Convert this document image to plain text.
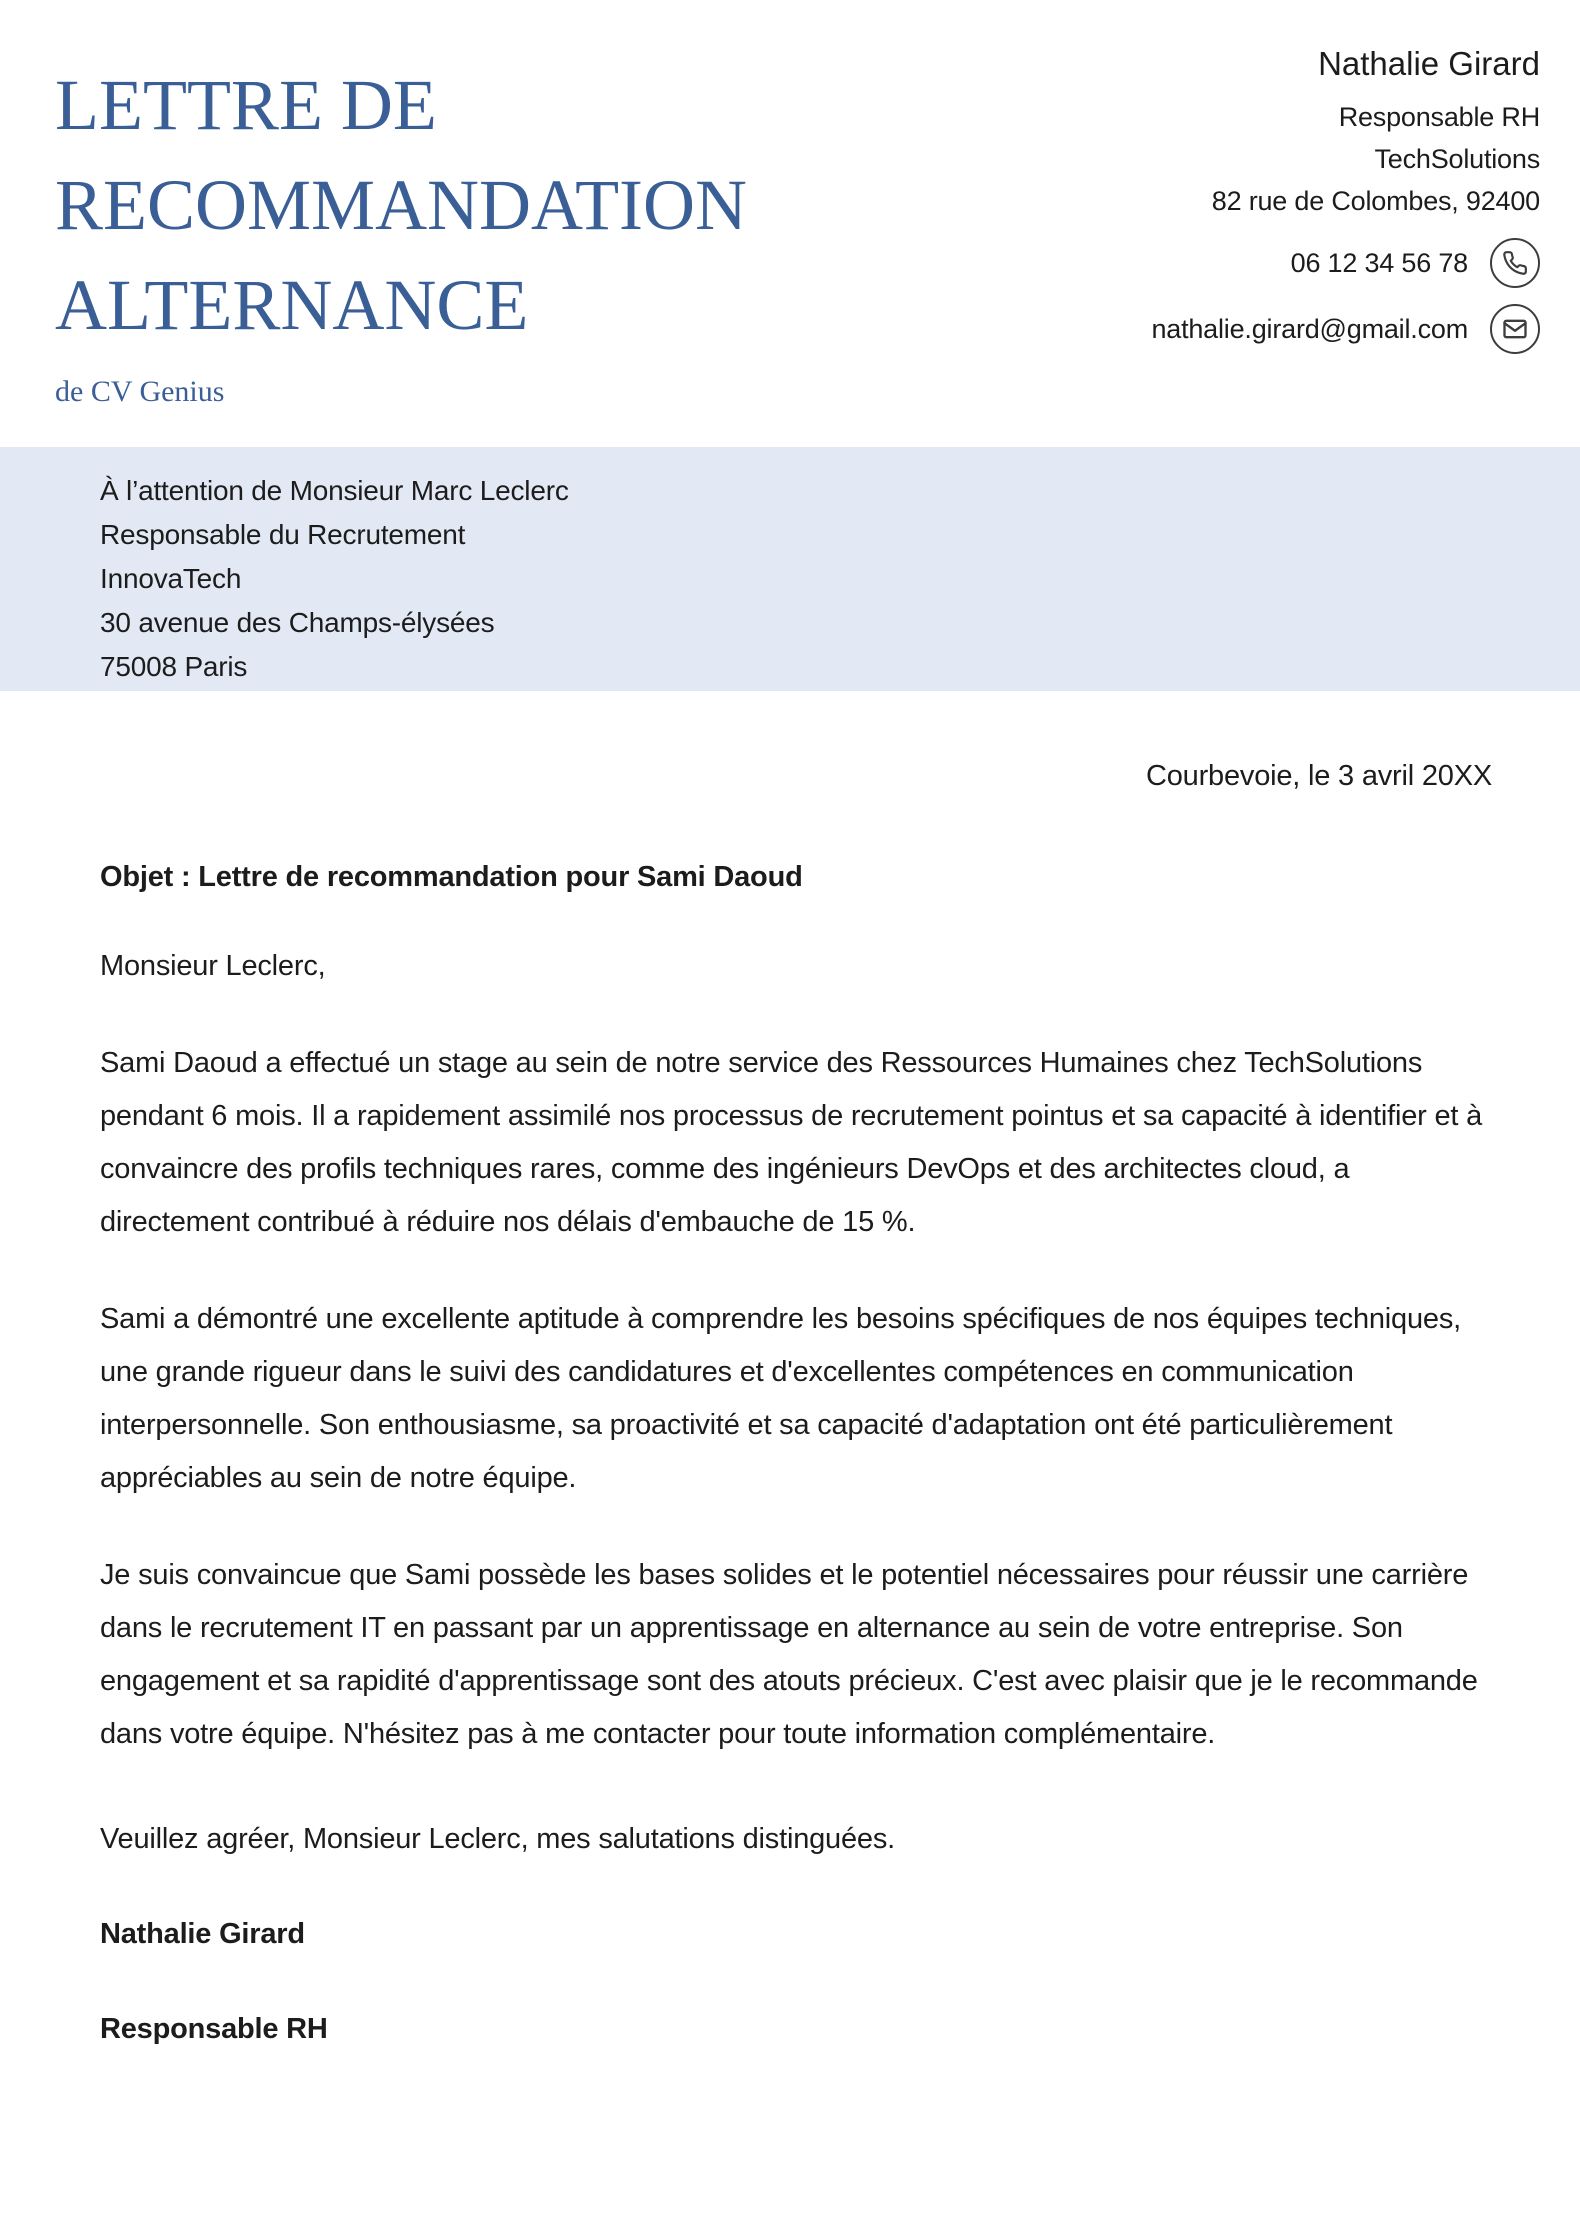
LETTRE DE RECOMMANDATION ALTERNANCE
de CV Genius
Nathalie Girard
Responsable RH
TechSolutions
82 rue de Colombes, 92400
06 12 34 56 78
nathalie.girard@gmail.com
À l’attention de Monsieur Marc Leclerc
Responsable du Recrutement
InnovaTech
30 avenue des Champs-élysées
75008 Paris
Courbevoie, le 3 avril 20XX
Objet : Lettre de recommandation pour Sami Daoud
Monsieur Leclerc,
Sami Daoud a effectué un stage au sein de notre service des Ressources Humaines chez TechSolutions pendant 6 mois. Il a rapidement assimilé nos processus de recrutement pointus et sa capacité à identifier et à convaincre des profils techniques rares, comme des ingénieurs DevOps et des architectes cloud, a directement contribué à réduire nos délais d'embauche de 15 %.
Sami a démontré une excellente aptitude à comprendre les besoins spécifiques de nos équipes techniques, une grande rigueur dans le suivi des candidatures et d'excellentes compétences en communication interpersonnelle. Son enthousiasme, sa proactivité et sa capacité d'adaptation ont été particulièrement appréciables au sein de notre équipe.
Je suis convaincue que Sami possède les bases solides et le potentiel nécessaires pour réussir une carrière dans le recrutement IT en passant par un apprentissage en alternance au sein de votre entreprise. Son engagement et sa rapidité d'apprentissage sont des atouts précieux. C'est avec plaisir que je le recommande dans votre équipe. N'hésitez pas à me contacter pour toute information complémentaire.
Veuillez agréer, Monsieur Leclerc, mes salutations distinguées.
Nathalie Girard
Responsable RH
